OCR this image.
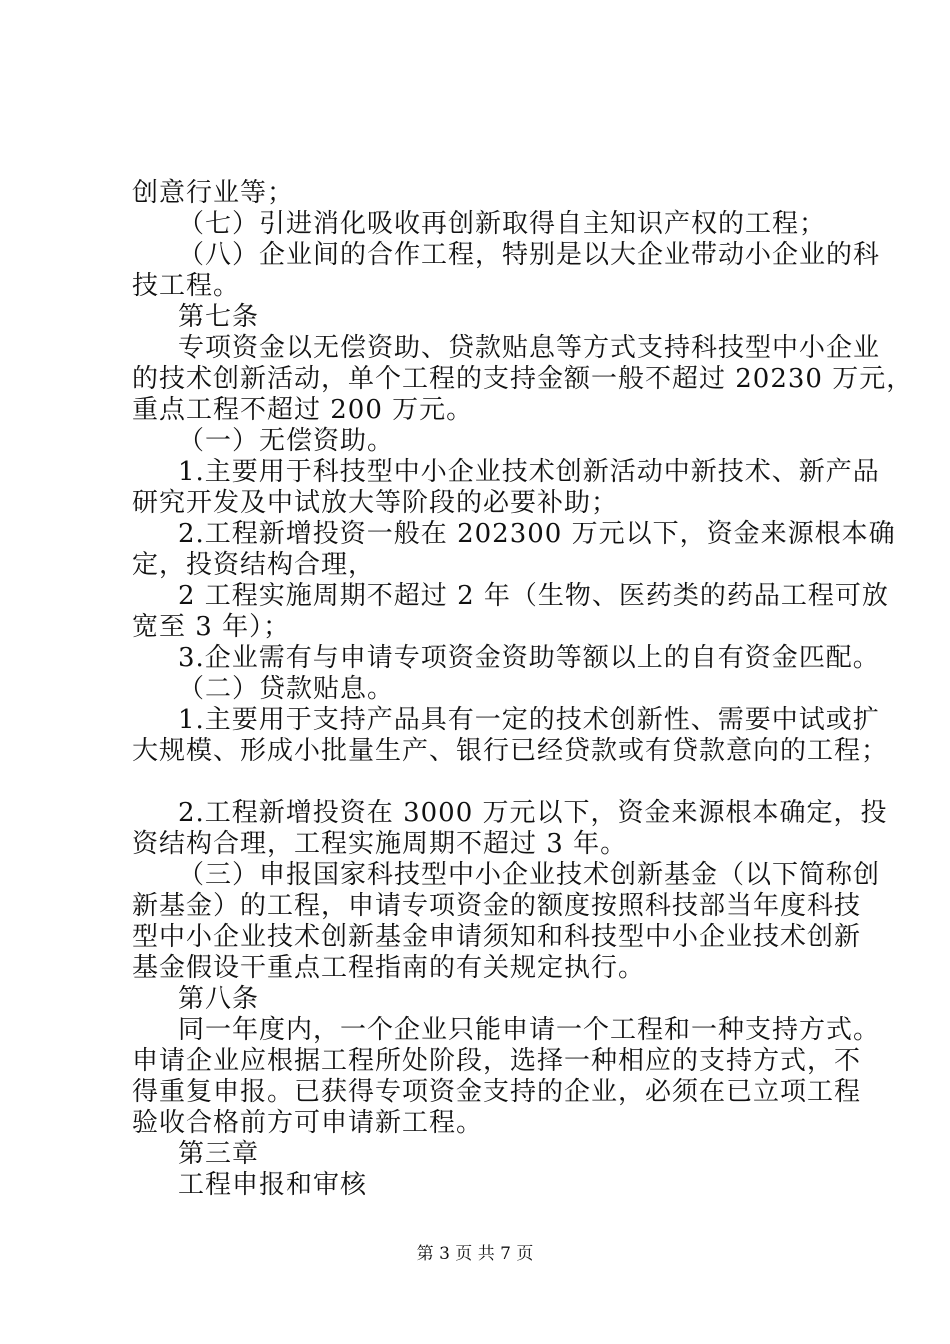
创意行业等；
（七）引进消化吸收再创新取得自主知识产权的工程；
（八）企业间的合作工程，特别是以大企业带动小企业的科
技工程。
第七条
专项资金以无偿资助、贷款贴息等方式支持科技型中小企业
的技术创新活动，单个工程的支持金额一般不超过 20230 万元，
重点工程不超过 200 万元。
（一）无偿资助。
1.主要用于科技型中小企业技术创新活动中新技术、新产品
研究开发及中试放大等阶段的必要补助；
2.工程新增投资一般在 202300 万元以下，资金来源根本确
定，投资结构合理，
2 工程实施周期不超过 2 年（生物、医药类的药品工程可放
宽至 3 年）；
3.企业需有与申请专项资金资助等额以上的自有资金匹配。
（二）贷款贴息。
1.主要用于支持产品具有一定的技术创新性、需要中试或扩
大规模、形成小批量生产、银行已经贷款或有贷款意向的工程；
2.工程新增投资在 3000 万元以下，资金来源根本确定，投
资结构合理，工程实施周期不超过 3 年。
（三）申报国家科技型中小企业技术创新基金（以下简称创
新基金）的工程，申请专项资金的额度按照科技部当年度科技
型中小企业技术创新基金申请须知和科技型中小企业技术创新
基金假设干重点工程指南的有关规定执行。
第八条
同一年度内，一个企业只能申请一个工程和一种支持方式。
申请企业应根据工程所处阶段，选择一种相应的支持方式，不
得重复申报。已获得专项资金支持的企业，必须在已立项工程
验收合格前方可申请新工程。
第三章
工程申报和审核
第 3 页 共 7 页
